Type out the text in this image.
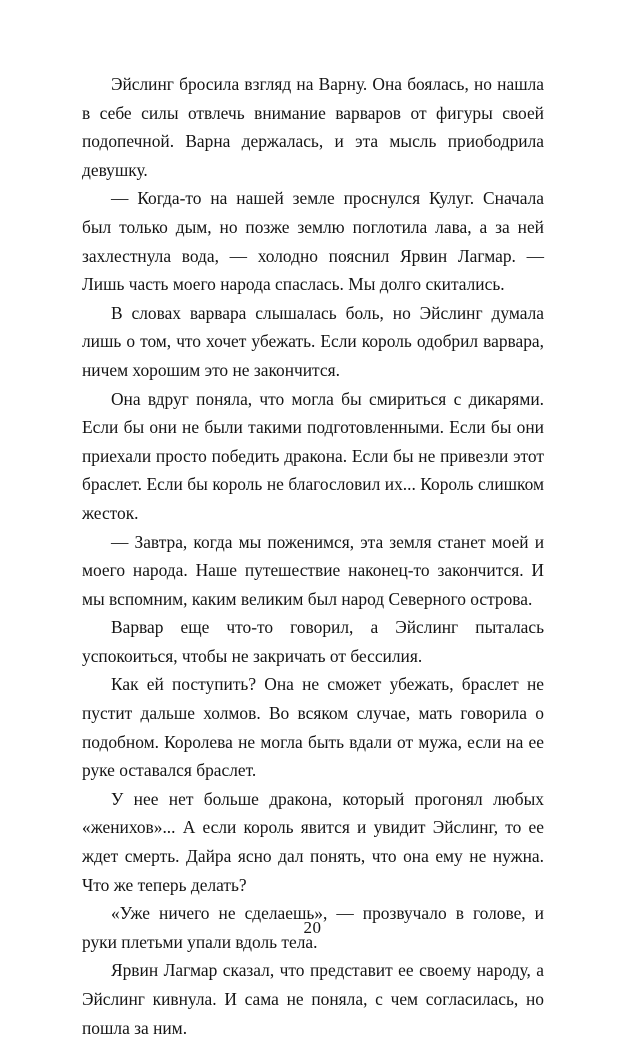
Эйслинг бросила взгляд на Варну. Она боялась, но нашла в себе силы отвлечь внимание варваров от фигуры своей подопечной. Варна держалась, и эта мысль приободрила девушку.

— Когда-то на нашей земле проснулся Кулуг. Сначала был только дым, но позже землю поглотила лава, а за ней захлестнула вода, — холодно пояснил Ярвин Лагмар. — Лишь часть моего народа спаслась. Мы долго скитались.

В словах варвара слышалась боль, но Эйслинг думала лишь о том, что хочет убежать. Если король одобрил варвара, ничем хорошим это не закончится.

Она вдруг поняла, что могла бы смириться с дикарями. Если бы они не были такими подготовленными. Если бы они приехали просто победить дракона. Если бы не привезли этот браслет. Если бы король не благословил их... Король слишком жесток.

— Завтра, когда мы поженимся, эта земля станет моей и моего народа. Наше путешествие наконец-то закончится. И мы вспомним, каким великим был народ Северного острова.

Варвар еще что-то говорил, а Эйслинг пыталась успокоиться, чтобы не закричать от бессилия.

Как ей поступить? Она не сможет убежать, браслет не пустит дальше холмов. Во всяком случае, мать говорила о подобном. Королева не могла быть вдали от мужа, если на ее руке оставался браслет.

У нее нет больше дракона, который прогонял любых «женихов»... А если король явится и увидит Эйслинг, то ее ждет смерть. Дайра ясно дал понять, что она ему не нужна. Что же теперь делать?

«Уже ничего не сделаешь», — прозвучало в голове, и руки плетьми упали вдоль тела.

Ярвин Лагмар сказал, что представит ее своему народу, а Эйслинг кивнула. И сама не поняла, с чем согласилась, но пошла за ним.

20
